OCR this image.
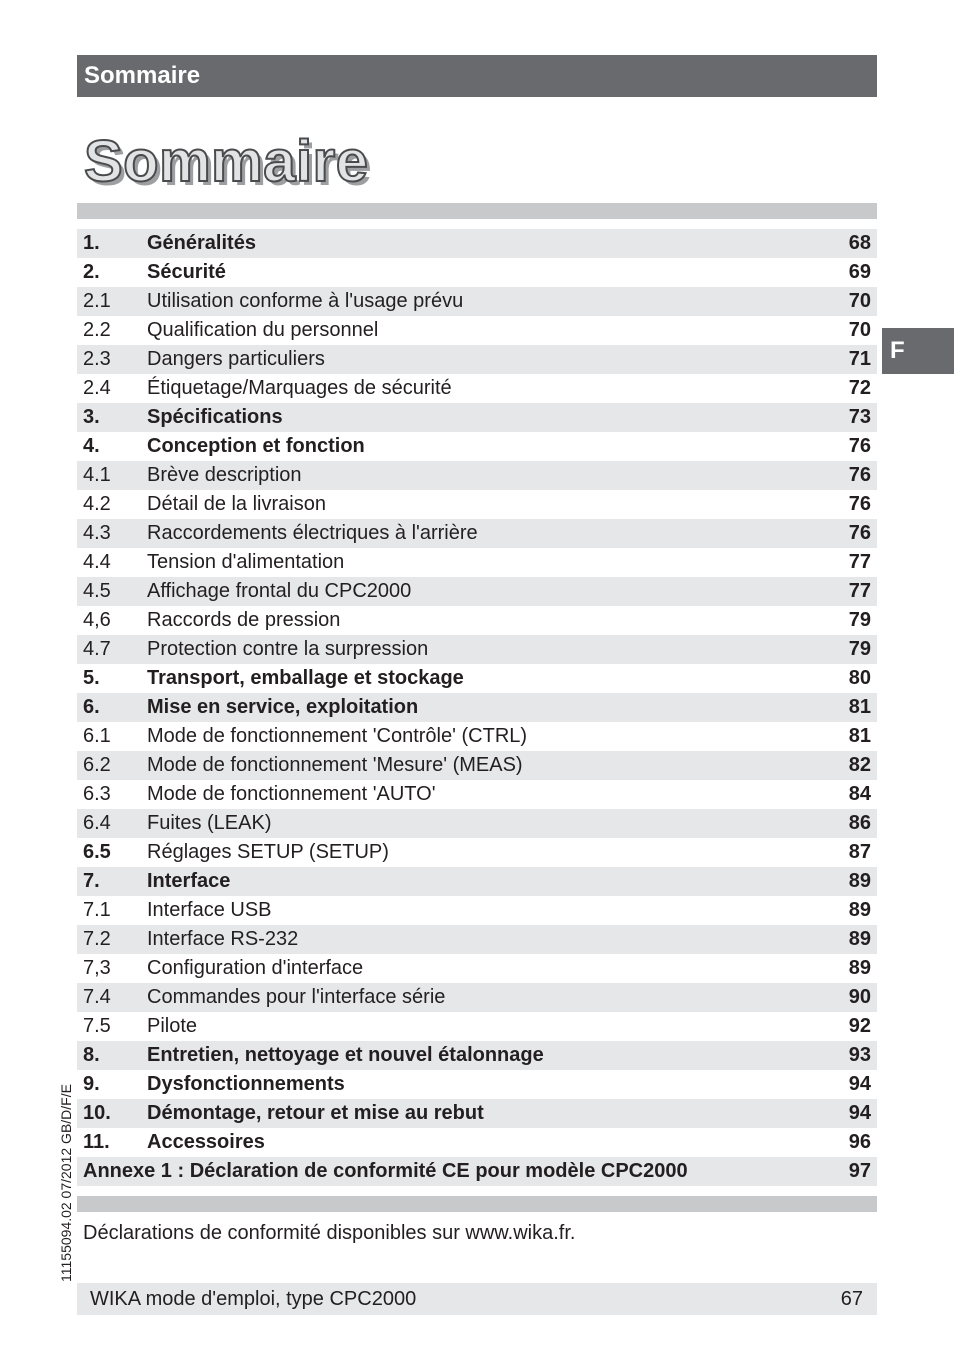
Sommaire
Sommaire
1. Généralités	68
2. Sécurité	69
2.1 Utilisation conforme à l'usage prévu	70
2.2 Qualification du personnel	70
2.3 Dangers particuliers	71
2.4 Étiquetage/Marquages de sécurité	72
3. Spécifications	73
4. Conception et fonction	76
4.1 Brève description	76
4.2 Détail de la livraison	76
4.3 Raccordements électriques à l'arrière	76
4.4 Tension d'alimentation	77
4.5 Affichage frontal du CPC2000	77
4,6 Raccords de pression	79
4.7 Protection contre la surpression	79
5. Transport, emballage et stockage	80
6. Mise en service, exploitation	81
6.1 Mode de fonctionnement 'Contrôle' (CTRL)	81
6.2 Mode de fonctionnement 'Mesure' (MEAS)	82
6.3 Mode de fonctionnement 'AUTO'	84
6.4 Fuites (LEAK)	86
6.5 Réglages SETUP (SETUP)	87
7. Interface	89
7.1 Interface USB	89
7.2 Interface RS-232	89
7,3 Configuration d'interface	89
7.4 Commandes pour l'interface série	90
7.5 Pilote	92
8. Entretien, nettoyage et nouvel étalonnage	93
9. Dysfonctionnements	94
10. Démontage, retour et mise au rebut	94
11. Accessoires	96
Annexe 1 : Déclaration de conformité CE pour modèle CPC2000	97
F
Déclarations de conformité disponibles sur www.wika.fr.
11155094.02 07/2012 GB/D/F/E
WIKA mode d'emploi, type CPC2000	67
